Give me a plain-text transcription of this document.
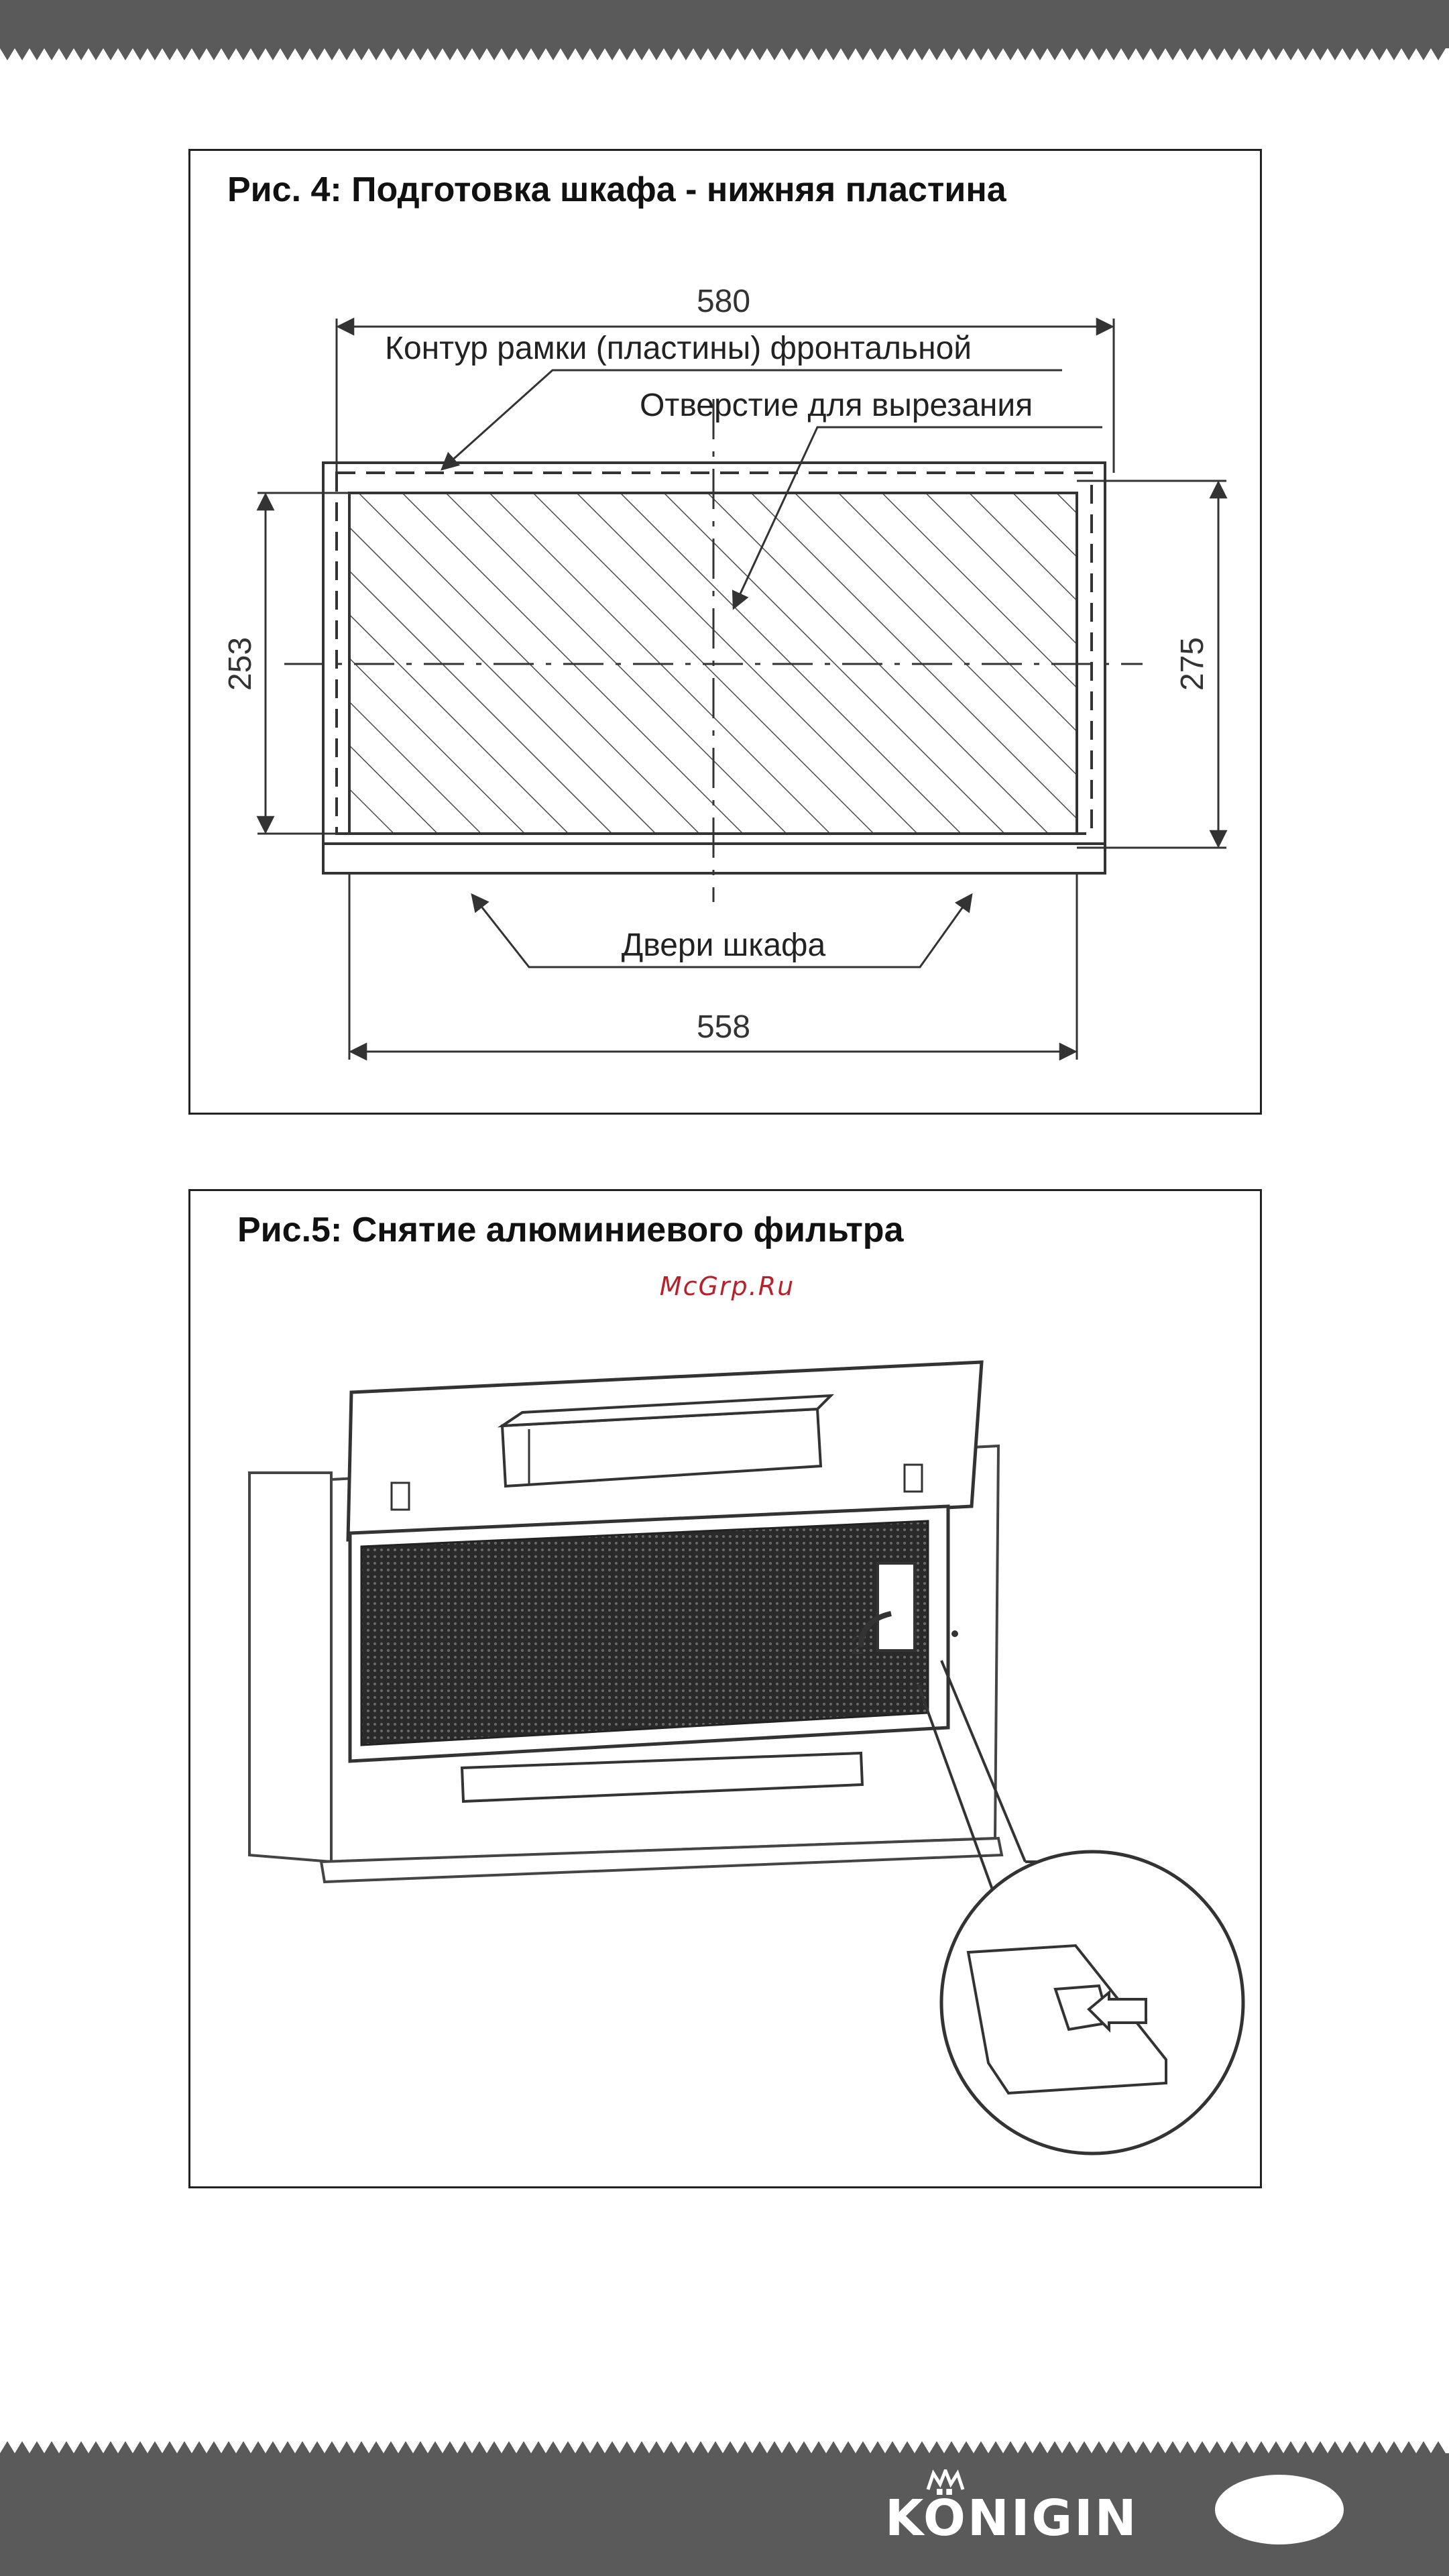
Рис. 4: Подготовка шкафа - нижняя пластина
580
Контур рамки (пластины) фронтальной
Отверстие для вырезания
253	275
Двери шкафа
558
Рис.5: Снятие алюминиевого фильтра
McGrp.Ru
2
KÖNIGIN
